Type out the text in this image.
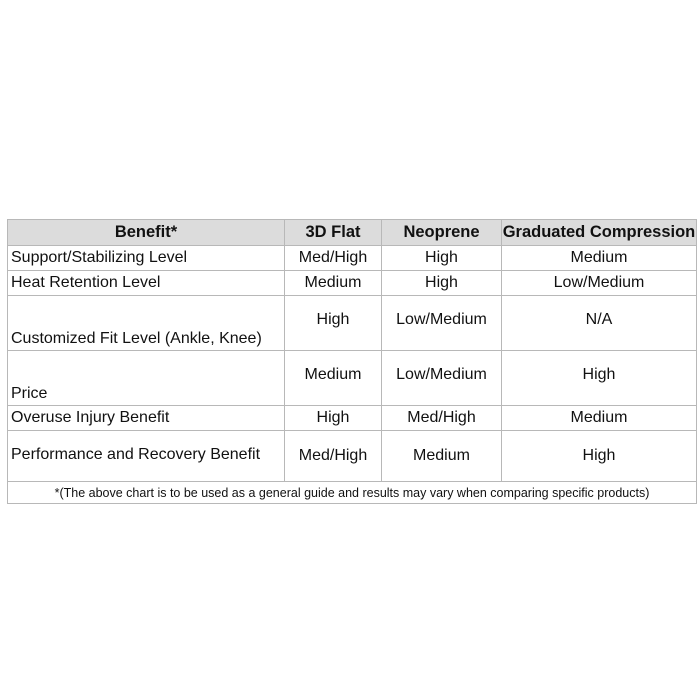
Benefit*	3D Flat	Neoprene	Graduated Compression
Support/Stabilizing Level	Med/High	High	Medium
Heat Retention Level	Medium	High	Low/Medium
Customized Fit Level (Ankle, Knee)	High	Low/Medium	N/A
Price	Medium	Low/Medium	High
Overuse Injury Benefit	High	Med/High	Medium
Performance and Recovery Benefit	Med/High	Medium	High
*(The above chart is to be used as a general guide and results may vary when comparing specific products)			
